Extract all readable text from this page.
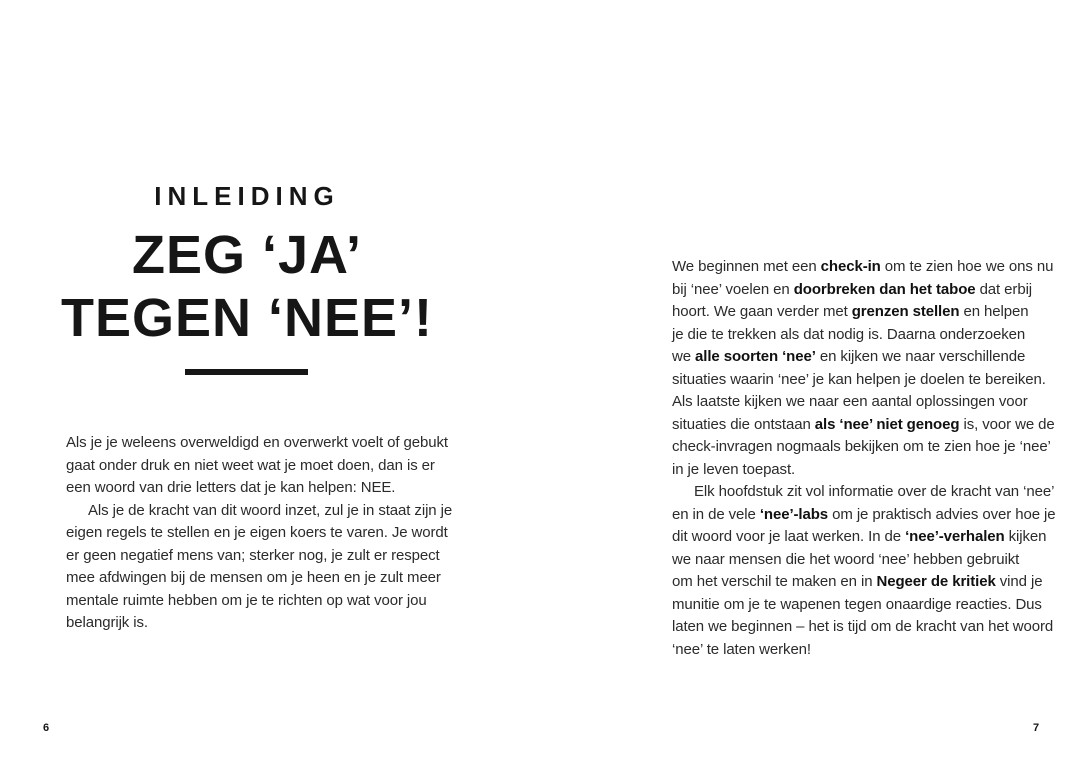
INLEIDING
ZEG ‘JA’
TEGEN ‘NEE’!
Als je je weleens overweldigd en overwerkt voelt of gebukt
gaat onder druk en niet weet wat je moet doen, dan is er
een woord van drie letters dat je kan helpen: NEE.
Als je de kracht van dit woord inzet, zul je in staat zijn je
eigen regels te stellen en je eigen koers te varen. Je wordt
er geen negatief mens van; sterker nog, je zult er respect
mee afdwingen bij de mensen om je heen en je zult meer
mentale ruimte hebben om je te richten op wat voor jou
belangrijk is.
6
We beginnen met een check-in om te zien hoe we ons nu
bij ‘nee’ voelen en doorbreken dan het taboe dat erbij
hoort. We gaan verder met grenzen stellen en helpen
je die te trekken als dat nodig is. Daarna onderzoeken
we alle soorten ‘nee’ en kijken we naar verschillende
situaties waarin ‘nee’ je kan helpen je doelen te bereiken.
Als laatste kijken we naar een aantal oplossingen voor
situaties die ontstaan als ‘nee’ niet genoeg is, voor we de
check-invragen nogmaals bekijken om te zien hoe je ‘nee’
in je leven toepast.
Elk hoofdstuk zit vol informatie over de kracht van ‘nee’
en in de vele ‘nee’-labs om je praktisch advies over hoe je
dit woord voor je laat werken. In de ‘nee’-verhalen kijken
we naar mensen die het woord ‘nee’ hebben gebruikt
om het verschil te maken en in Negeer de kritiek vind je
munitie om je te wapenen tegen onaardige reacties. Dus
laten we beginnen – het is tijd om de kracht van het woord
‘nee’ te laten werken!
7
